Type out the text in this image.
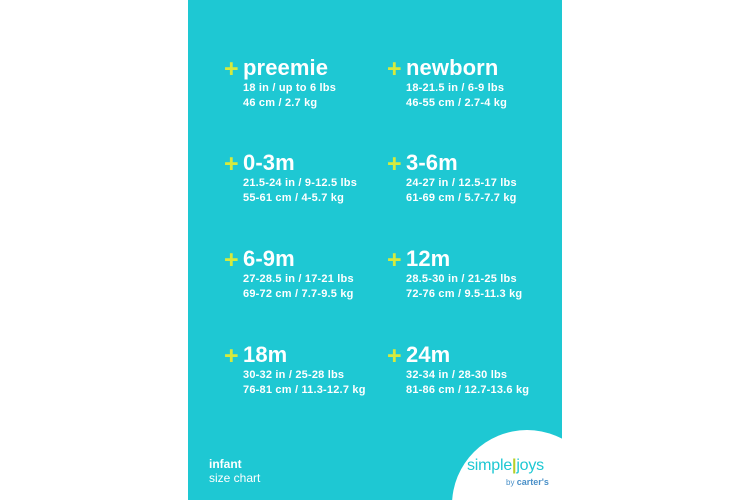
+ preemie
18 in / up to 6 lbs
46 cm / 2.7 kg
+ newborn
18-21.5 in / 6-9 lbs
46-55 cm / 2.7-4 kg
+ 0-3m
21.5-24 in / 9-12.5 lbs
55-61 cm / 4-5.7 kg
+ 3-6m
24-27 in / 12.5-17 lbs
61-69 cm / 5.7-7.7 kg
+ 6-9m
27-28.5 in / 17-21 lbs
69-72 cm / 7.7-9.5 kg
+ 12m
28.5-30 in / 21-25 lbs
72-76 cm / 9.5-11.3 kg
+ 18m
30-32 in / 25-28 lbs
76-81 cm / 11.3-12.7 kg
+ 24m
32-34 in / 28-30 lbs
81-86 cm / 12.7-13.6 kg
infant
size chart
simple|joys
by carter's
